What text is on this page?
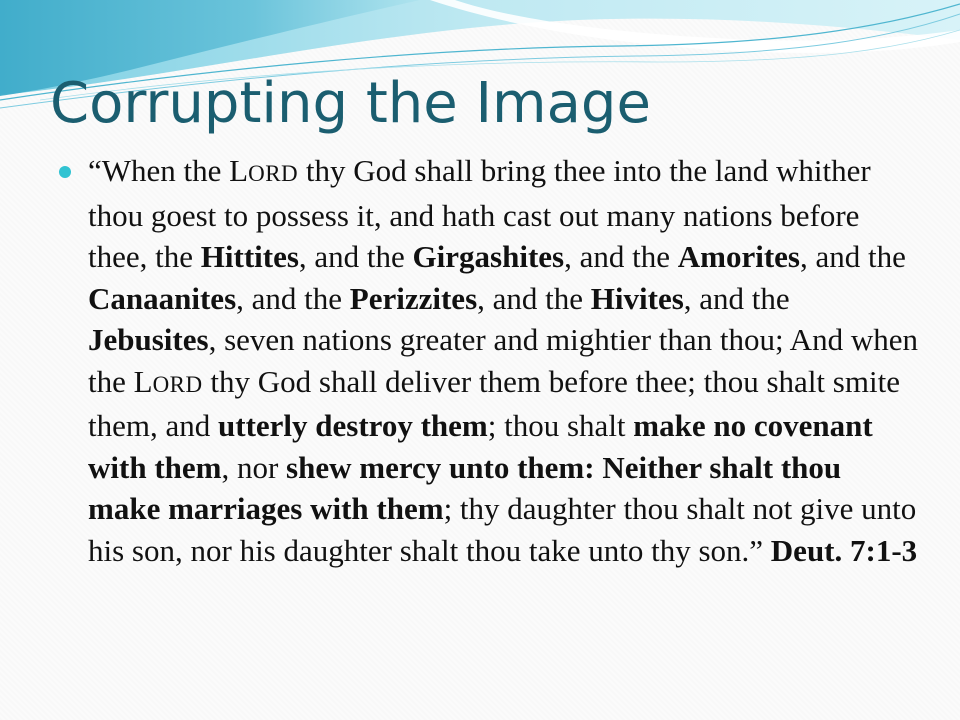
Corrupting the Image

“When the LORD thy God shall bring thee into the land whither thou goest to possess it, and hath cast out many nations before thee, the Hittites, and the Girgashites, and the Amorites, and the Canaanites, and the Perizzites, and the Hivites, and the Jebusites, seven nations greater and mightier than thou; And when the LORD thy God shall deliver them before thee; thou shalt smite them, and utterly destroy them; thou shalt make no covenant with them, nor shew mercy unto them: Neither shalt thou make marriages with them; thy daughter thou shalt not give unto his son, nor his daughter shalt thou take unto thy son.” Deut. 7:1-3
